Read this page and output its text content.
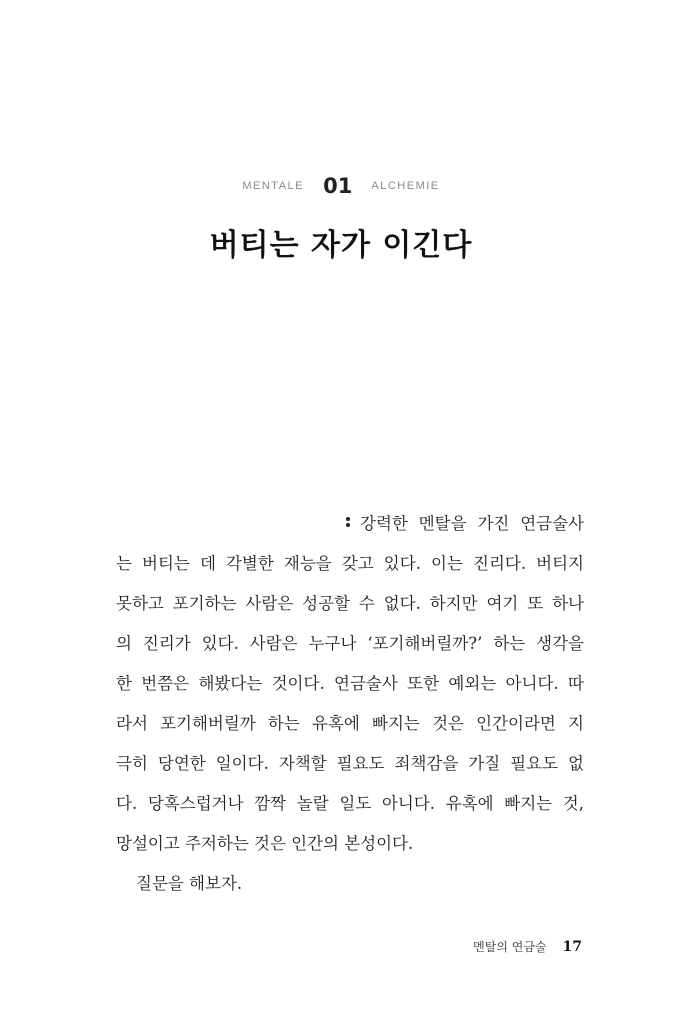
MENTALE 01 ALCHEMIE
버티는 자가 이긴다
강력한 멘탈을 가진 연금술사
는 버티는 데 각별한 재능을 갖고 있다. 이는 진리다. 버티지
못하고 포기하는 사람은 성공할 수 없다. 하지만 여기 또 하나
의 진리가 있다. 사람은 누구나 ‘포기해버릴까?’ 하는 생각을
한 번쯤은 해봤다는 것이다. 연금술사 또한 예외는 아니다. 따
라서 포기해버릴까 하는 유혹에 빠지는 것은 인간이라면 지
극히 당연한 일이다. 자책할 필요도 죄책감을 가질 필요도 없
다. 당혹스럽거나 깜짝 놀랄 일도 아니다. 유혹에 빠지는 것,
망설이고 주저하는 것은 인간의 본성이다.
질문을 해보자.
멘탈의 연금술 17
